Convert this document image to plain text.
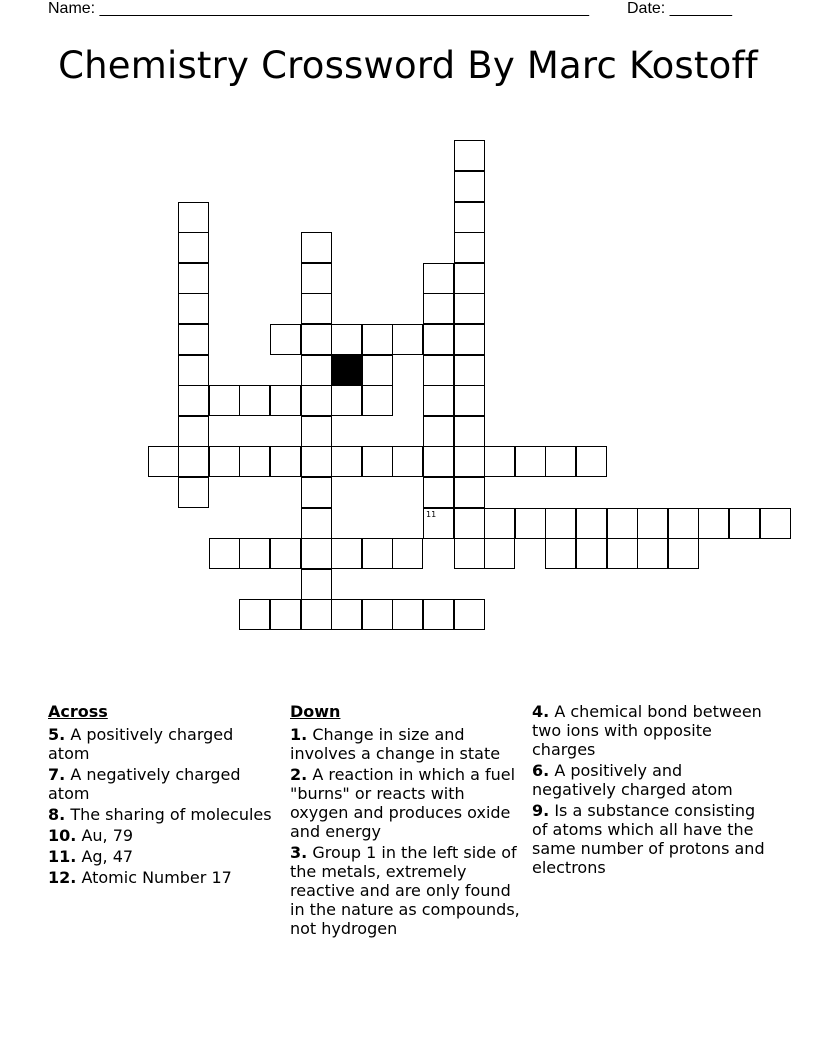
Name: _______________________________________________________ Date: _______
Chemistry Crossword By Marc Kostoff
11
Across
5. A positively charged atom
7. A negatively charged atom
8. The sharing of molecules
10. Au, 79
11. Ag, 47
12. Atomic Number 17
Down
1. Change in size and involves a change in state
2. A reaction in which a fuel "burns" or reacts with oxygen and produces oxide and energy
3. Group 1 in the left side of the metals, extremely reactive and are only found in the nature as compounds, not hydrogen
4. A chemical bond between two ions with opposite charges
6. A positively and negatively charged atom
9. Is a substance consisting of atoms which all have the same number of protons and electrons
